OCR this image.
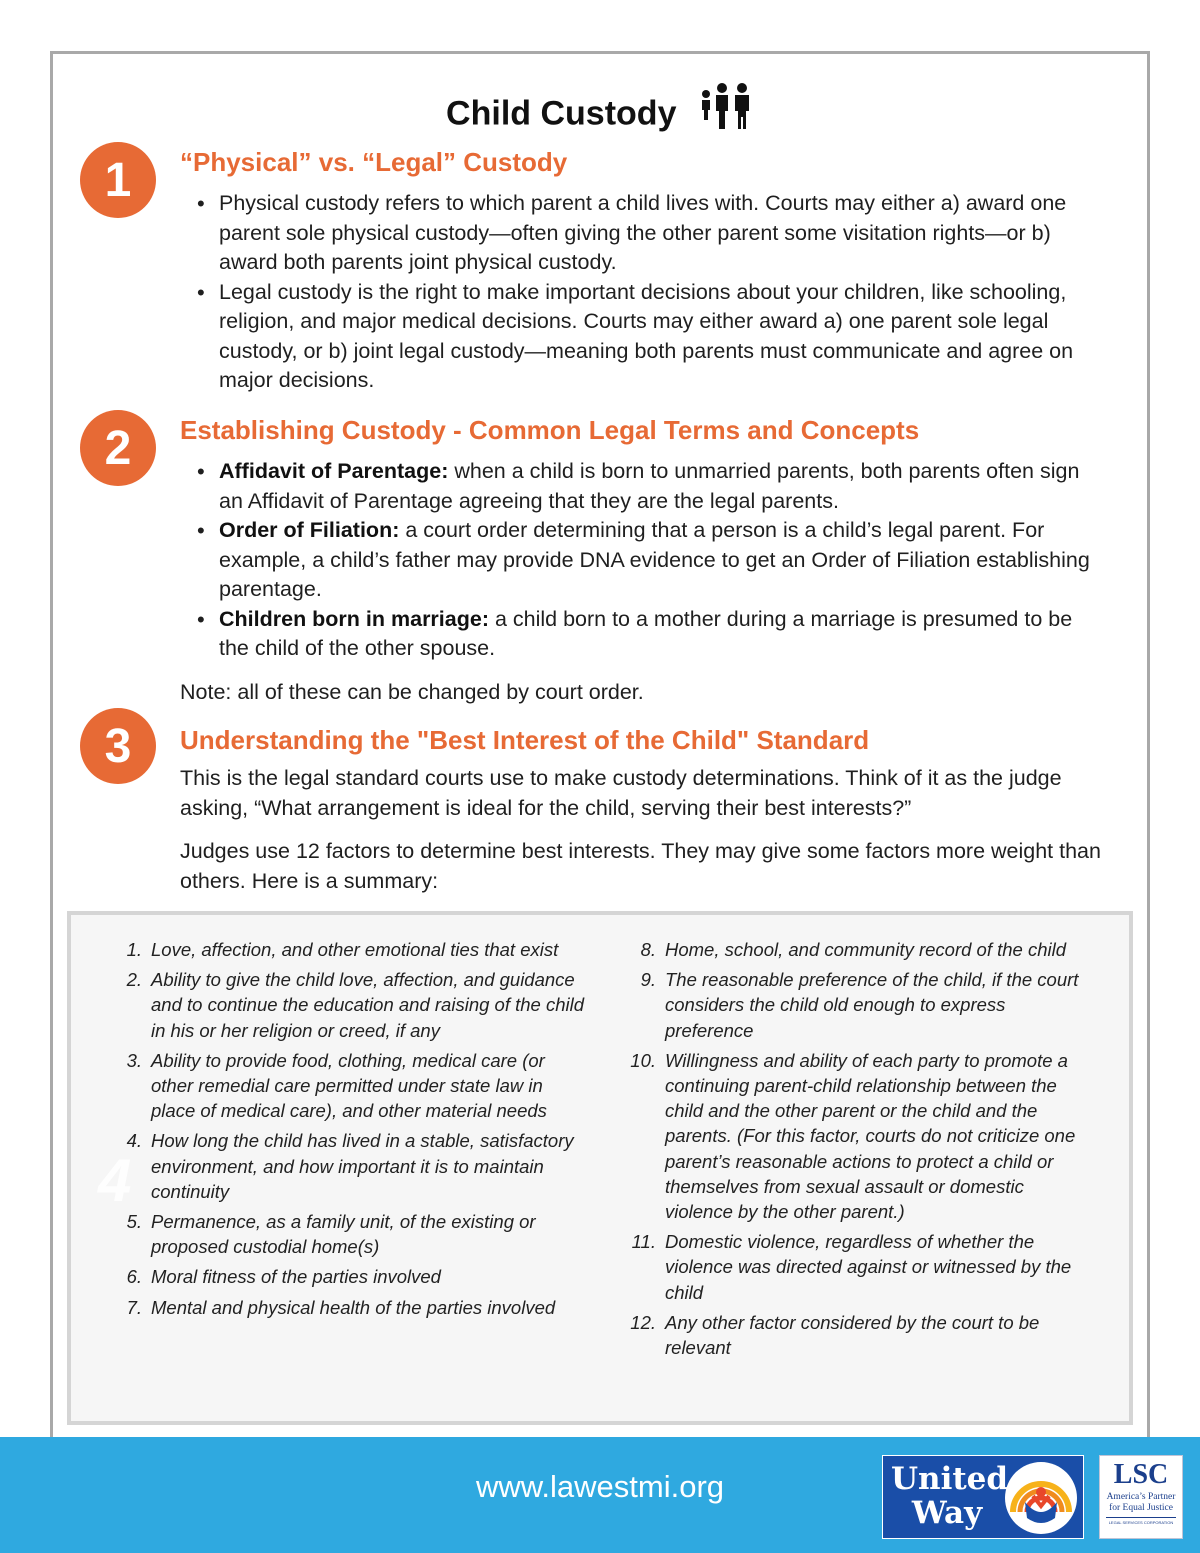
Child Custody
1	“Physical” vs. “Legal” Custody
• Physical custody refers to which parent a child lives with. Courts may either a) award one parent sole physical custody—often giving the other parent some visitation rights—or b) award both parents joint physical custody.
• Legal custody is the right to make important decisions about your children, like schooling, religion, and major medical decisions. Courts may either award a) one parent sole legal custody, or b) joint legal custody—meaning both parents must communicate and agree on major decisions.
2	Establishing Custody - Common Legal Terms and Concepts
• Affidavit of Parentage: when a child is born to unmarried parents, both parents often sign an Affidavit of Parentage agreeing that they are the legal parents.
• Order of Filiation: a court order determining that a person is a child’s legal parent. For example, a child’s father may provide DNA evidence to get an Order of Filiation establishing parentage.
• Children born in marriage: a child born to a mother during a marriage is presumed to be the child of the other spouse.

Note: all of these can be changed by court order.

3	Understanding the "Best Interest of the Child" Standard

This is the legal standard courts use to make custody determinations. Think of it as the judge asking, “What arrangement is ideal for the child, serving their best interests?”

Judges use 12 factors to determine best interests. They may give some factors more weight than others. Here is a summary:

4
1. Love, affection, and other emotional ties that exist
2. Ability to give the child love, affection, and guidance and to continue the education and raising of the child in his or her religion or creed, if any
3. Ability to provide food, clothing, medical care (or other remedial care permitted under state law in place of medical care), and other material needs
4. How long the child has lived in a stable, satisfactory environment, and how important it is to maintain continuity
5. Permanence, as a family unit, of the existing or proposed custodial home(s)
6. Moral fitness of the parties involved
7. Mental and physical health of the parties involved
8. Home, school, and community record of the child
9. The reasonable preference of the child, if the court considers the child old enough to express preference
10. Willingness and ability of each party to promote a continuing parent-child relationship between the child and the other parent or the child and the parents. (For this factor, courts do not criticize one parent’s reasonable actions to protect a child or themselves from sexual assault or domestic violence by the other parent.)
11. Domestic violence, regardless of whether the violence was directed against or witnessed by the child
12. Any other factor considered by the court to be relevant
www.lawestmi.org	United
Way
LSC
America’s Partner for Equal Justice
LEGAL SERVICES CORPORATION
